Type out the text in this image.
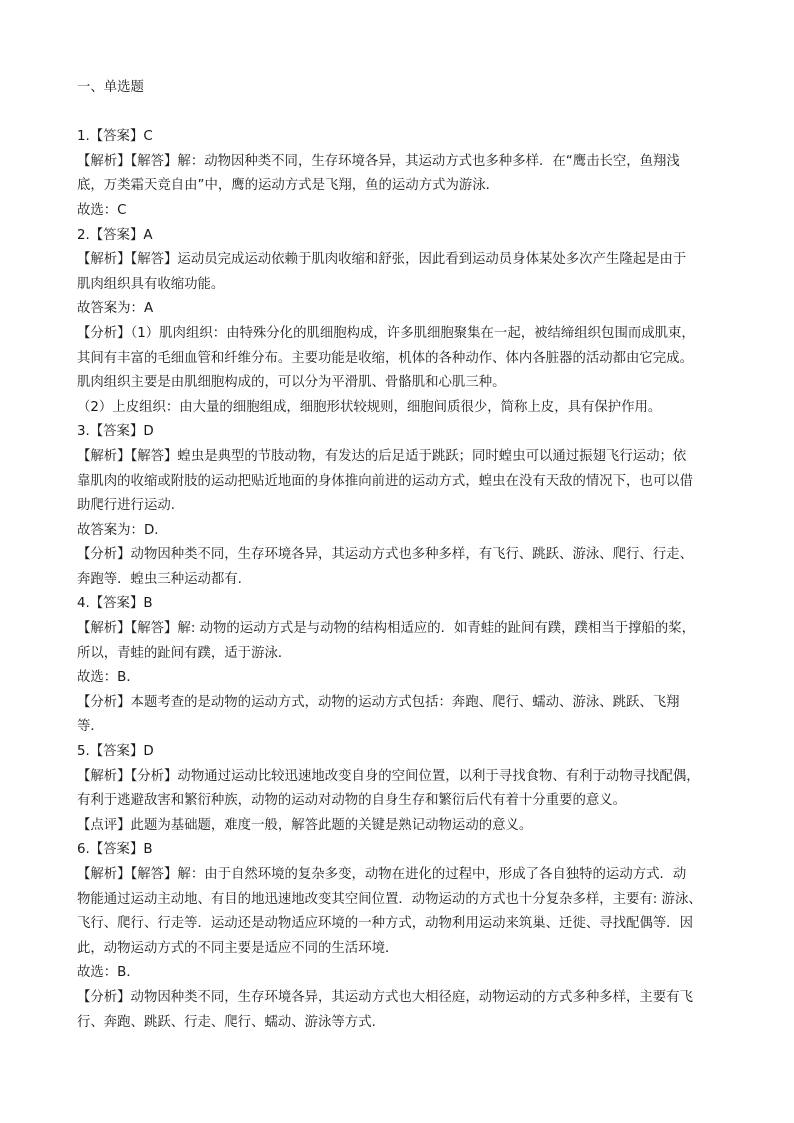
一、单选题

1.【答案】C
【解析】【解答】解：动物因种类不同，生存环境各异，其运动方式也多种多样．在“鹰击长空，鱼翔浅
底，万类霜天竞自由”中，鹰的运动方式是飞翔，鱼的运动方式为游泳．
故选：C
2.【答案】A
【解析】【解答】运动员完成运动依赖于肌肉收缩和舒张，因此看到运动员身体某处多次产生隆起是由于
肌肉组织具有收缩功能。
故答案为：A
【分析】（1）肌肉组织：由特殊分化的肌细胞构成，许多肌细胞聚集在一起，被结缔组织包围而成肌束，
其间有丰富的毛细血管和纤维分布。主要功能是收缩，机体的各种动作、体内各脏器的活动都由它完成。
肌肉组织主要是由肌细胞构成的，可以分为平滑肌、骨骼肌和心肌三种。
（2）上皮组织：由大量的细胞组成，细胞形状较规则，细胞间质很少，简称上皮，具有保护作用。
3.【答案】D
【解析】【解答】蝗虫是典型的节肢动物，有发达的后足适于跳跃；同时蝗虫可以通过振翅飞行运动；依
靠肌肉的收缩或附肢的运动把贴近地面的身体推向前进的运动方式，蝗虫在没有天敌的情况下，也可以借
助爬行进行运动.
故答案为：D.
【分析】动物因种类不同，生存环境各异，其运动方式也多种多样，有飞行、跳跃、游泳、爬行、行走、
奔跑等．蝗虫三种运动都有.
4.【答案】B
【解析】【解答】解: 动物的运动方式是与动物的结构相适应的．如青蛙的趾间有蹼，蹼相当于撑船的桨，
所以，青蛙的趾间有蹼，适于游泳．
故选：B．
【分析】本题考查的是动物的运动方式，动物的运动方式包括：奔跑、爬行、蠕动、游泳、跳跃、飞翔
等．
5.【答案】D
【解析】【分析】动物通过运动比较迅速地改变自身的空间位置，以利于寻找食物、有利于动物寻找配偶，
有利于逃避敌害和繁衍种族，动物的运动对动物的自身生存和繁衍后代有着十分重要的意义。
【点评】此题为基础题，难度一般，解答此题的关键是熟记动物运动的意义。
6.【答案】B
【解析】【解答】解：由于自然环境的复杂多变，动物在进化的过程中，形成了各自独特的运动方式．动
物能通过运动主动地、有目的地迅速地改变其空间位置．动物运动的方式也十分复杂多样，主要有: 游泳、
飞行、爬行、行走等．运动还是动物适应环境的一种方式，动物利用运动来筑巢、迁徙、寻找配偶等．因
此，动物运动方式的不同主要是适应不同的生活环境．
故选：B．
【分析】动物因种类不同，生存环境各异，其运动方式也大相径庭，动物运动的方式多种多样，主要有飞
行、奔跑、跳跃、行走、爬行、蠕动、游泳等方式.
